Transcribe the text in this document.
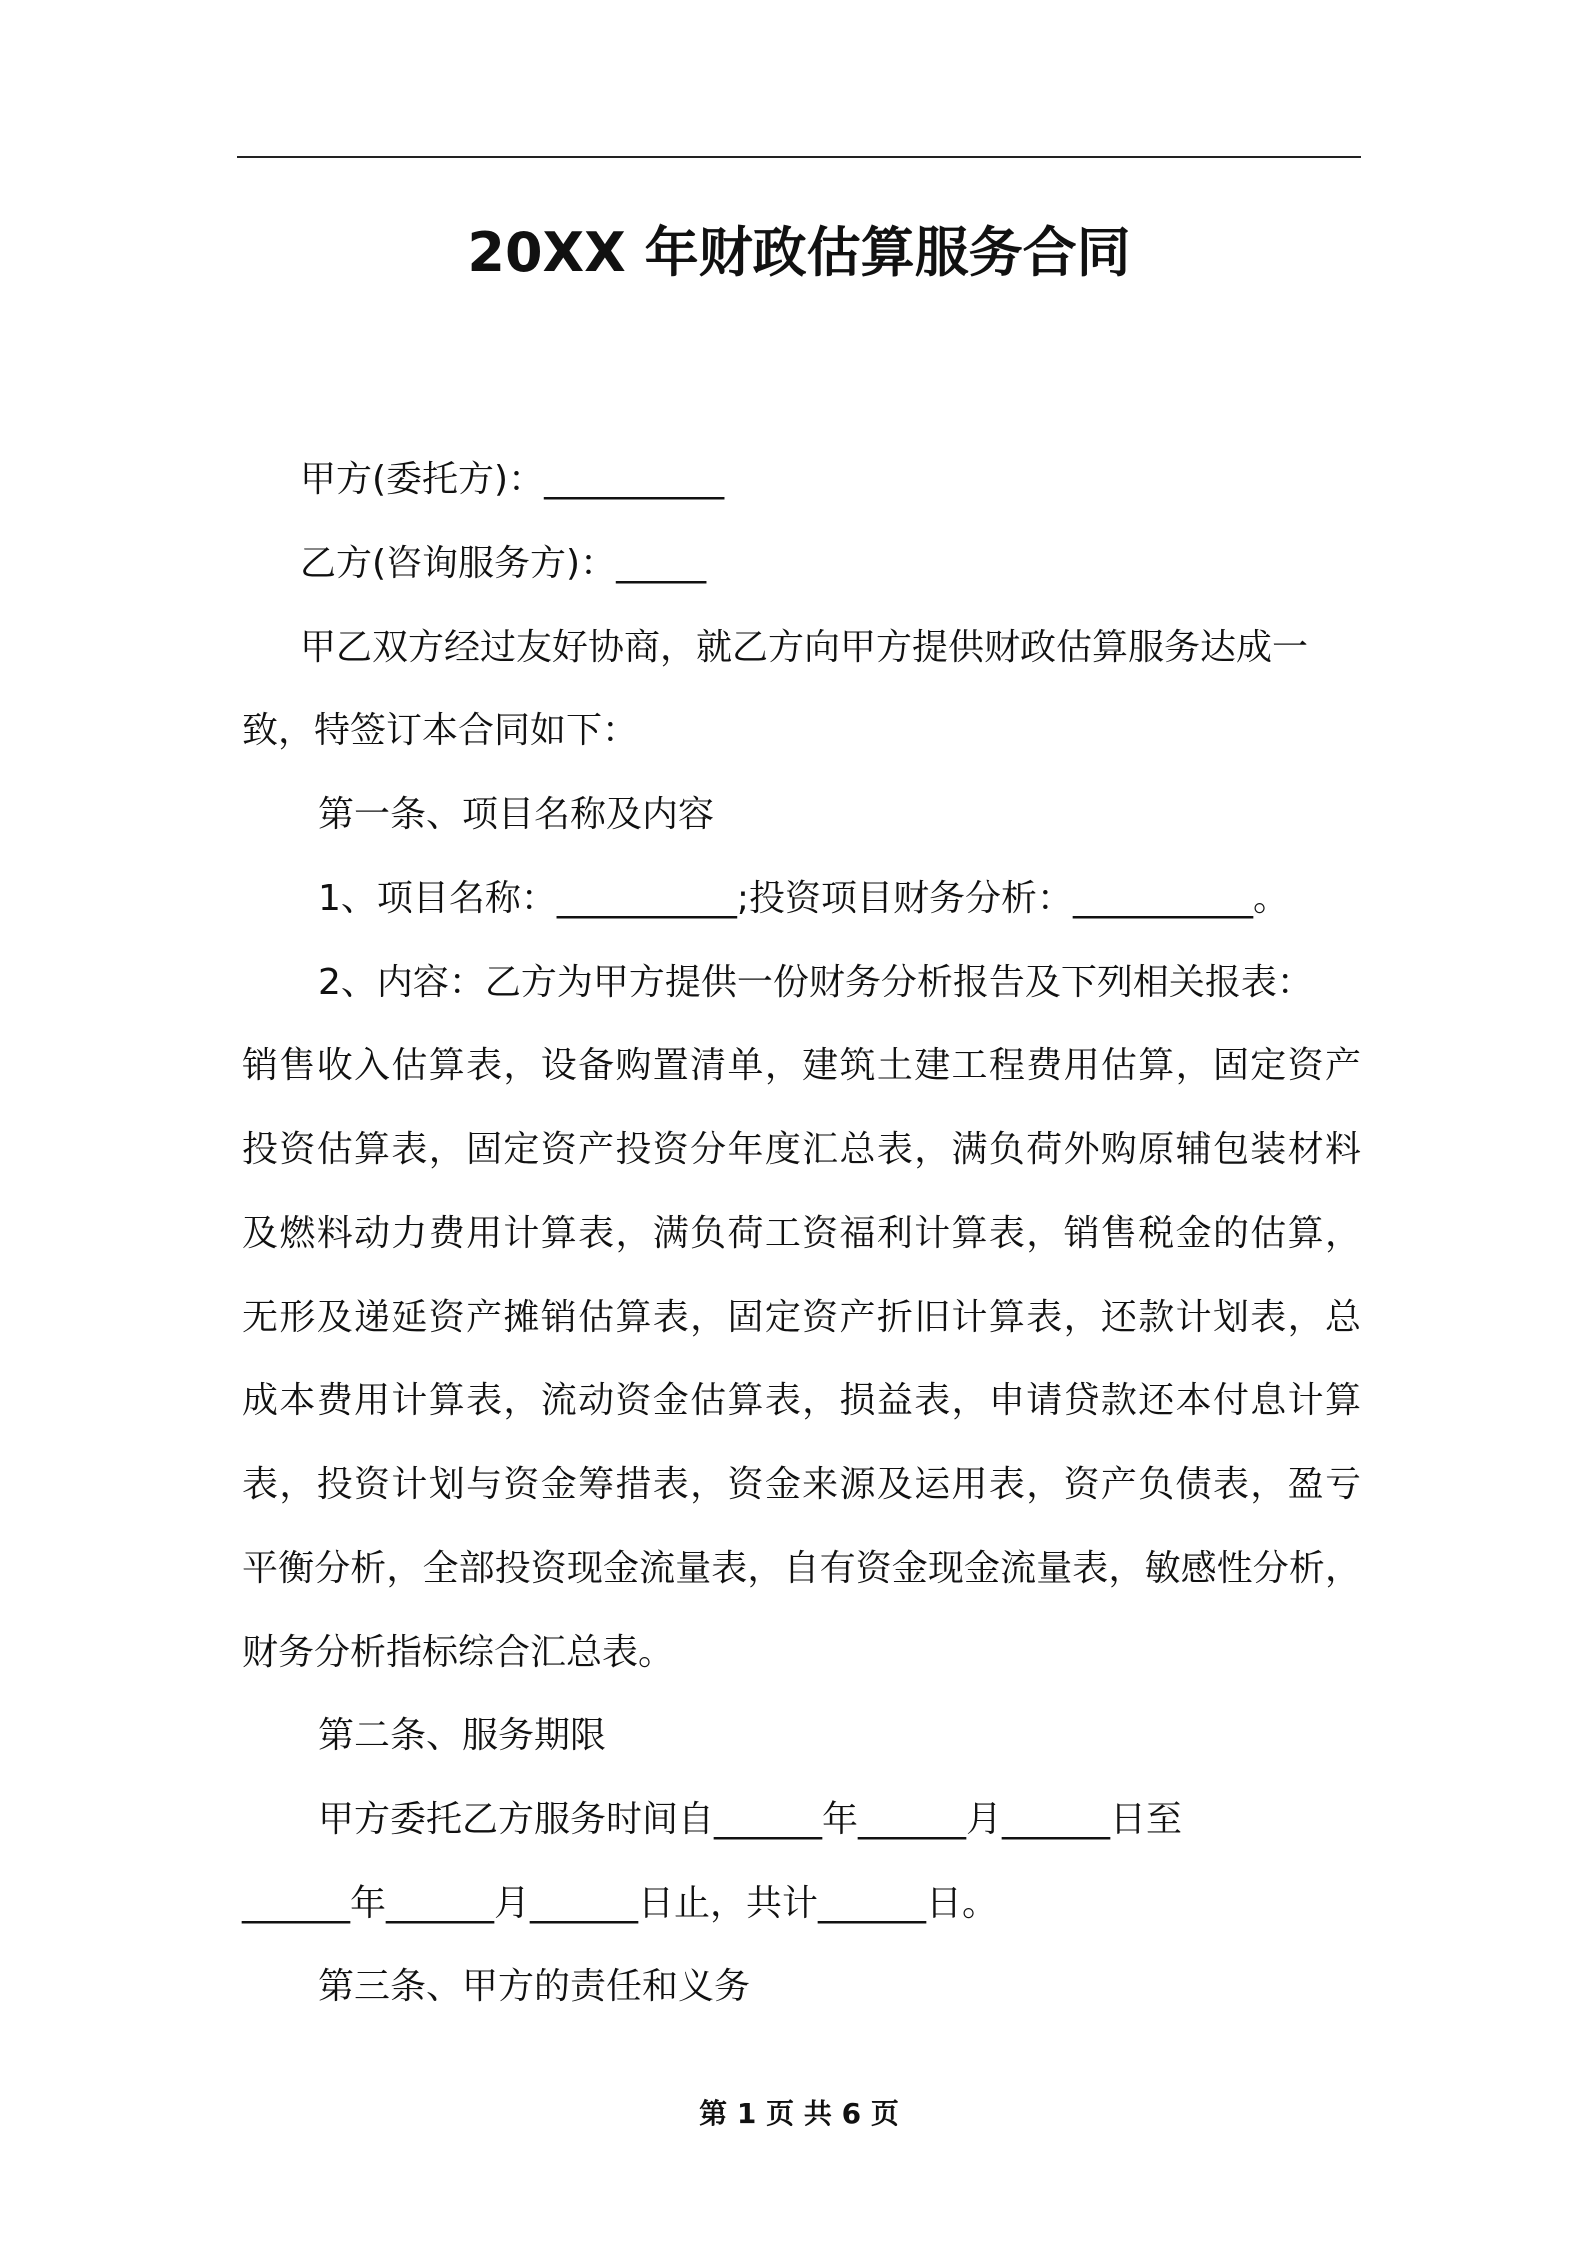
20XX 年财政估算服务合同
甲方(委托方)：__________
乙方(咨询服务方)：_____
甲乙双方经过友好协商，就乙方向甲方提供财政估算服务达成一
致，特签订本合同如下：
第一条、项目名称及内容
1、项目名称：__________;投资项目财务分析：__________。
2、内容：乙方为甲方提供一份财务分析报告及下列相关报表：
销售收入估算表，设备购置清单，建筑土建工程费用估算，固定资产
投资估算表，固定资产投资分年度汇总表，满负荷外购原辅包装材料
及燃料动力费用计算表，满负荷工资福利计算表，销售税金的估算，
无形及递延资产摊销估算表，固定资产折旧计算表，还款计划表，总
成本费用计算表，流动资金估算表，损益表，申请贷款还本付息计算
表，投资计划与资金筹措表，资金来源及运用表，资产负债表，盈亏
平衡分析，全部投资现金流量表，自有资金现金流量表，敏感性分析，
财务分析指标综合汇总表。
第二条、服务期限
甲方委托乙方服务时间自______年______月______日至
______年______月______日止，共计______日。
第三条、甲方的责任和义务
第 1 页 共 6 页
